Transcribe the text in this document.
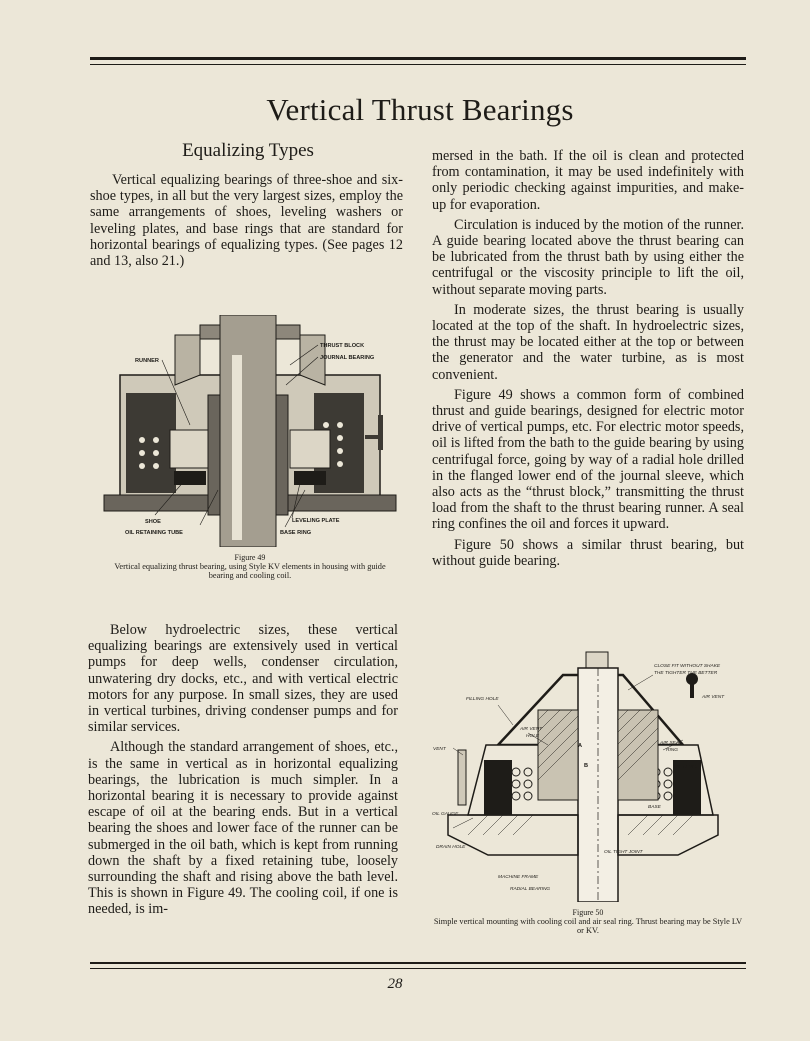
Vertical Thrust Bearings
Equalizing Types

Vertical equalizing bearings of three-shoe and six-shoe types, in all but the very largest sizes, employ the same arrangements of shoes, leveling washers or leveling plates, and base rings that are standard for horizontal bearings of equalizing types. (See pages 12 and 13, also 21.)

THRUST BLOCK
JOURNAL BEARING
RUNNER
SHOE
OIL RETAINING TUBE
LEVELING PLATE
BASE RING
Figure 49
Vertical equalizing thrust bearing, using Style KV elements in housing with guide bearing and cooling coil.

Below hydroelectric sizes, these vertical equalizing bearings are extensively used in vertical pumps for deep wells, condenser circulation, unwatering dry docks, etc., and with vertical electric motors for any purpose. In small sizes, they are used in vertical turbines, driving condenser pumps and for similar services.

Although the standard arrangement of shoes, etc., is the same in vertical as in horizontal equalizing bearings, the lubrication is much simpler. In a horizontal bearing it is necessary to provide against escape of oil at the bearing ends. But in a vertical bearing the shoes and lower face of the runner can be submerged in the oil bath, which is kept from running down the shaft by a fixed retaining tube, loosely surrounding the shaft and rising above the bath level. This is shown in Figure 49. The cooling coil, if one is needed, is im-

mersed in the bath. If the oil is clean and protected from contamination, it may be used indefinitely with only periodic checking against impurities, and make-up for evaporation.

Circulation is induced by the motion of the runner. A guide bearing located above the thrust bearing can be lubricated from the thrust bath by using either the centrifugal or the viscosity principle to lift the oil, without separate moving parts.

In moderate sizes, the thrust bearing is usually located at the top of the shaft. In hydroelectric sizes, the thrust may be located either at the top or between the generator and the water turbine, as is most convenient.

Figure 49 shows a common form of combined thrust and guide bearings, designed for electric motor drive of vertical pumps, etc. For electric motor speeds, oil is lifted from the bath to the guide bearing by using centrifugal force, going by way of a radial hole drilled in the flanged lower end of the journal sleeve, which also acts as the “thrust block,” transmitting the thrust load from the shaft to the thrust bearing runner. A seal ring confines the oil and forces it upward.

Figure 50 shows a similar thrust bearing, but without guide bearing.

CLOSE FIT WITHOUT SHAKE
THE TIGHTER THE BETTER
AIR VENT
FILLING HOLE
AIR VENT
HOLE
VENT
AIR SEAL
RING
OIL LEVEL
A
B
OIL GAUGE
BASE
DRAIN HOLE
OIL TIGHT JOINT
MACHINE FRAME
RADIAL BEARING
Figure 50
Simple vertical mounting with cooling coil and air seal ring. Thrust bearing may be Style LV or KV.
28
